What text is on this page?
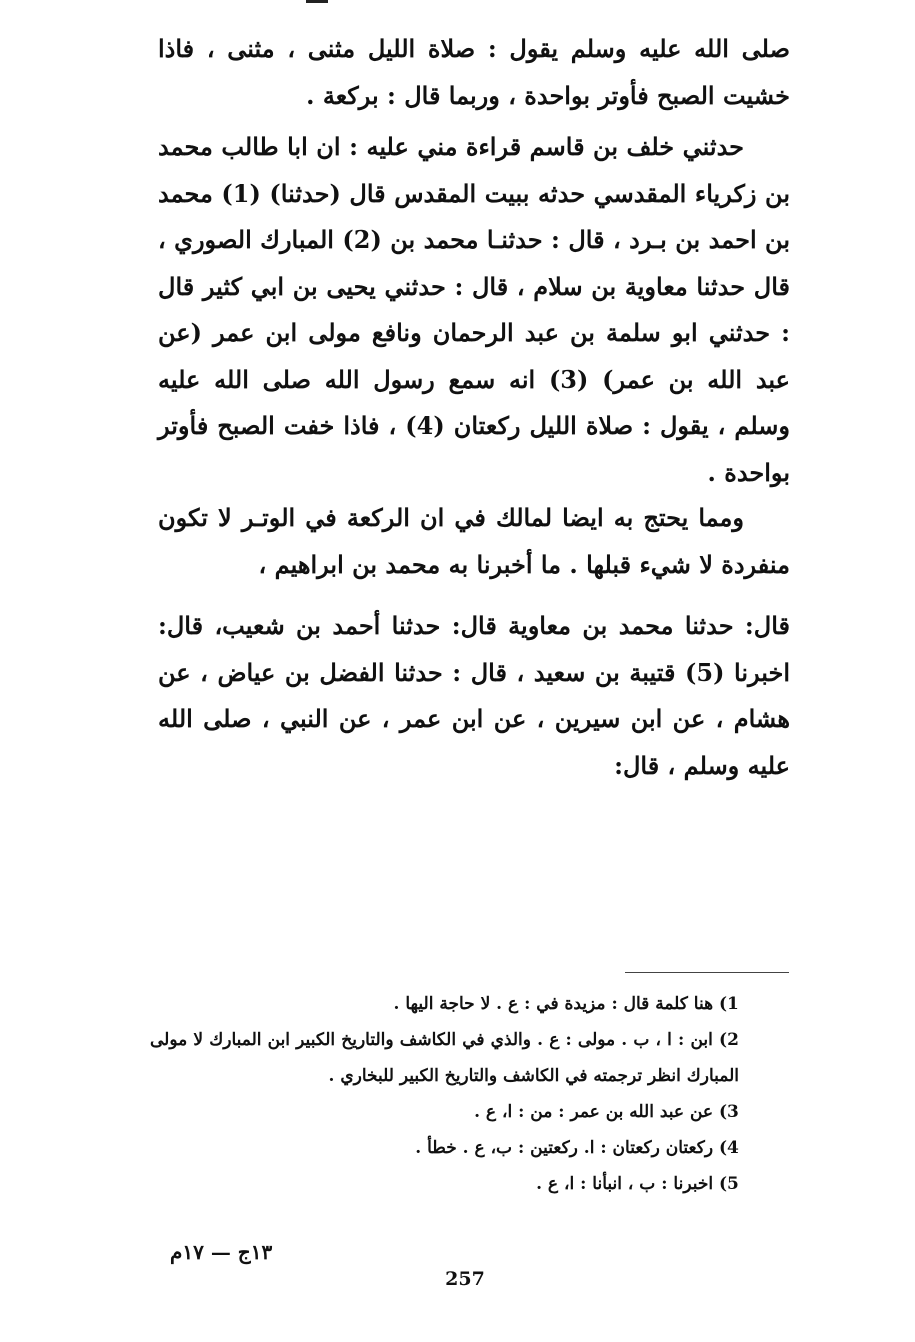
صلى الله عليه وسلم يقول : صلاة الليل مثنى ، مثنى ، فاذا خشيت الصبح فأوتر بواحدة ، وربما قال : بركعة .

حدثني خلف بن قاسم قراءة مني عليه : ان ابا طالب محمد بن زكرياء المقدسي حدثه ببيت المقدس قال (حدثنا) (1) محمد بن احمد بن بـرد ، قال : حدثنـا محمد بن (2) المبارك الصوري ، قال حدثنا معاوية بن سلام ، قال : حدثني يحيى بن ابي كثير قال : حدثني ابو سلمة بن عبد الرحمان ونافع مولى ابن عمر (عن عبد الله بن عمر) (3) انه سمع رسول الله صلى الله عليه وسلم ، يقول : صلاة الليل ركعتان (4) ، فاذا خفت الصبح فأوتر بواحدة .

ومما يحتج به ايضا لمالك في ان الركعة في الوتـر لا تكون منفردة لا شيء قبلها . ما أخبرنا به محمد بن ابراهيم ،

قال: حدثنا محمد بن معاوية قال: حدثنا أحمد بن شعيب، قال: اخبرنا (5) قتيبة بن سعيد ، قال : حدثنا الفضل بن عياض ، عن هشام ، عن ابن سيرين ، عن ابن عمر ، عن النبي ، صلى الله عليه وسلم ، قال:

1) هنا كلمة قال : مزيدة في : ع . لا حاجة اليها .

2) ابن : ا ، ب . مولى : ع . والذي في الكاشف والتاريخ الكبير ابن المبارك لا مولى المبارك انظر ترجمته في الكاشف والتاريخ الكبير للبخاري .

3) عن عبد الله بن عمر : من : ا، ع .

4) ركعتان ركعتان : ا. ركعتين : ب، ع . خطأ .

5) اخبرنا : ب ، انبأنا : ا، ع .

١٣ج — ١٧م

257
